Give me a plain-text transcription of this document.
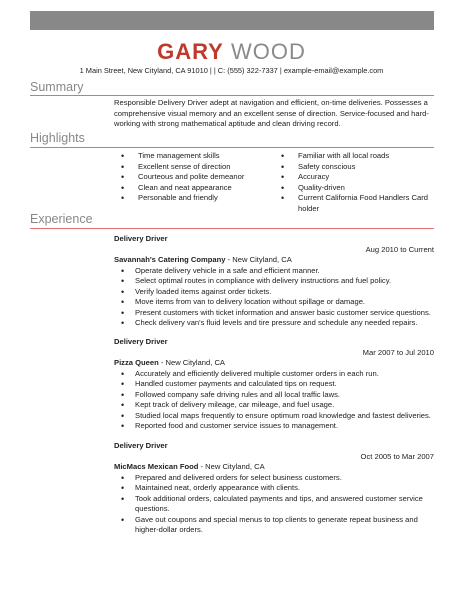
GARY WOOD
1 Main Street, New Cityland, CA 91010 | | C: (555) 322-7337 | example-email@example.com
Summary
Responsible Delivery Driver adept at navigation and efficient, on-time deliveries. Possesses a comprehensive visual memory and an excellent sense of direction. Service-focused and hard-working with strong mathematical aptitude and clean driving record.
Highlights
• Time management skills
• Excellent sense of direction
• Courteous and polite demeanor
• Clean and neat appearance
• Personable and friendly
• Familiar with all local roads
• Safety conscious
• Accuracy
• Quality-driven
• Current California Food Handlers Card holder
Experience
Delivery Driver
Aug 2010 to Current
Savannah's Catering Company - New Cityland, CA
• Operate delivery vehicle in a safe and efficient manner.
• Select optimal routes in compliance with delivery instructions and fuel policy.
• Verify loaded items against order tickets.
• Move items from van to delivery location without spillage or damage.
• Present customers with ticket information and answer basic customer service questions.
• Check delivery van's fluid levels and tire pressure and schedule any needed repairs.
Delivery Driver
Mar 2007 to Jul 2010
Pizza Queen - New Cityland, CA
• Accurately and efficiently delivered multiple customer orders in each run.
• Handled customer payments and calculated tips on request.
• Followed company safe driving rules and all local traffic laws.
• Kept track of delivery mileage, car mileage, and fuel usage.
• Studied local maps frequently to ensure optimum road knowledge and fastest deliveries.
• Reported food and customer service issues to management.
Delivery Driver
Oct 2005 to Mar 2007
MicMacs Mexican Food - New Cityland, CA
• Prepared and delivered orders for select business customers.
• Maintained neat, orderly appearance with clients.
• Took additional orders, calculated payments and tips, and answered customer service questions.
• Gave out coupons and special menus to top clients to generate repeat business and higher-dollar orders.
